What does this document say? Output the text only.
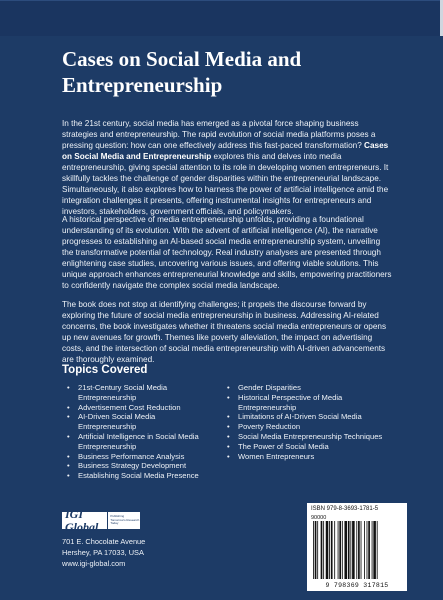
Cases on Social Media and Entrepreneurship

In the 21st century, social media has emerged as a pivotal force shaping business strategies and entrepreneurship. The rapid evolution of social media platforms poses a pressing question: how can one effectively address this fast-paced transformation? Cases on Social Media and Entrepreneurship explores this and delves into media entrepreneurship, giving special attention to its role in developing women entrepreneurs. It skillfully tackles the challenge of gender disparities within the entrepreneurial landscape. Simultaneously, it also explores how to harness the power of artificial intelligence amid the integration challenges it presents, offering instrumental insights for entrepreneurs and investors, stakeholders, government officials, and policymakers.

A historical perspective of media entrepreneurship unfolds, providing a foundational understanding of its evolution. With the advent of artificial intelligence (AI), the narrative progresses to establishing an AI-based social media entrepreneurship system, unveiling the transformative potential of technology. Real industry analyses are presented through enlightening case studies, uncovering various issues, and offering viable solutions. This unique approach enhances entrepreneurial knowledge and skills, empowering practitioners to confidently navigate the complex social media landscape.

The book does not stop at identifying challenges; it propels the discourse forward by exploring the future of social media entrepreneurship in business. Addressing AI-related concerns, the book investigates whether it threatens social media entrepreneurs or opens up new avenues for growth. Themes like poverty alleviation, the impact on advertising costs, and the intersection of social media entrepreneurship with AI-driven advancements are thoroughly examined.

Topics Covered
• 21st-Century Social Media Entrepreneurship
• Advertisement Cost Reduction
• AI-Driven Social Media Entrepreneurship
• Artificial Intelligence in Social Media Entrepreneurship
• Business Performance Analysis
• Business Strategy Development
• Establishing Social Media Presence
• Gender Disparities
• Historical Perspective of Media Entrepreneurship
• Limitations of AI-Driven Social Media
• Poverty Reduction
• Social Media Entrepreneurship Techniques
• The Power of Social Media
• Women Entrepreneurs
IGI Global
Publishing Tomorrow's Research Today
701 E. Chocolate Avenue
Hershey, PA 17033, USA
www.igi-global.com
ISBN 979-8-3693-1781-5
90000
9 798369 317815
